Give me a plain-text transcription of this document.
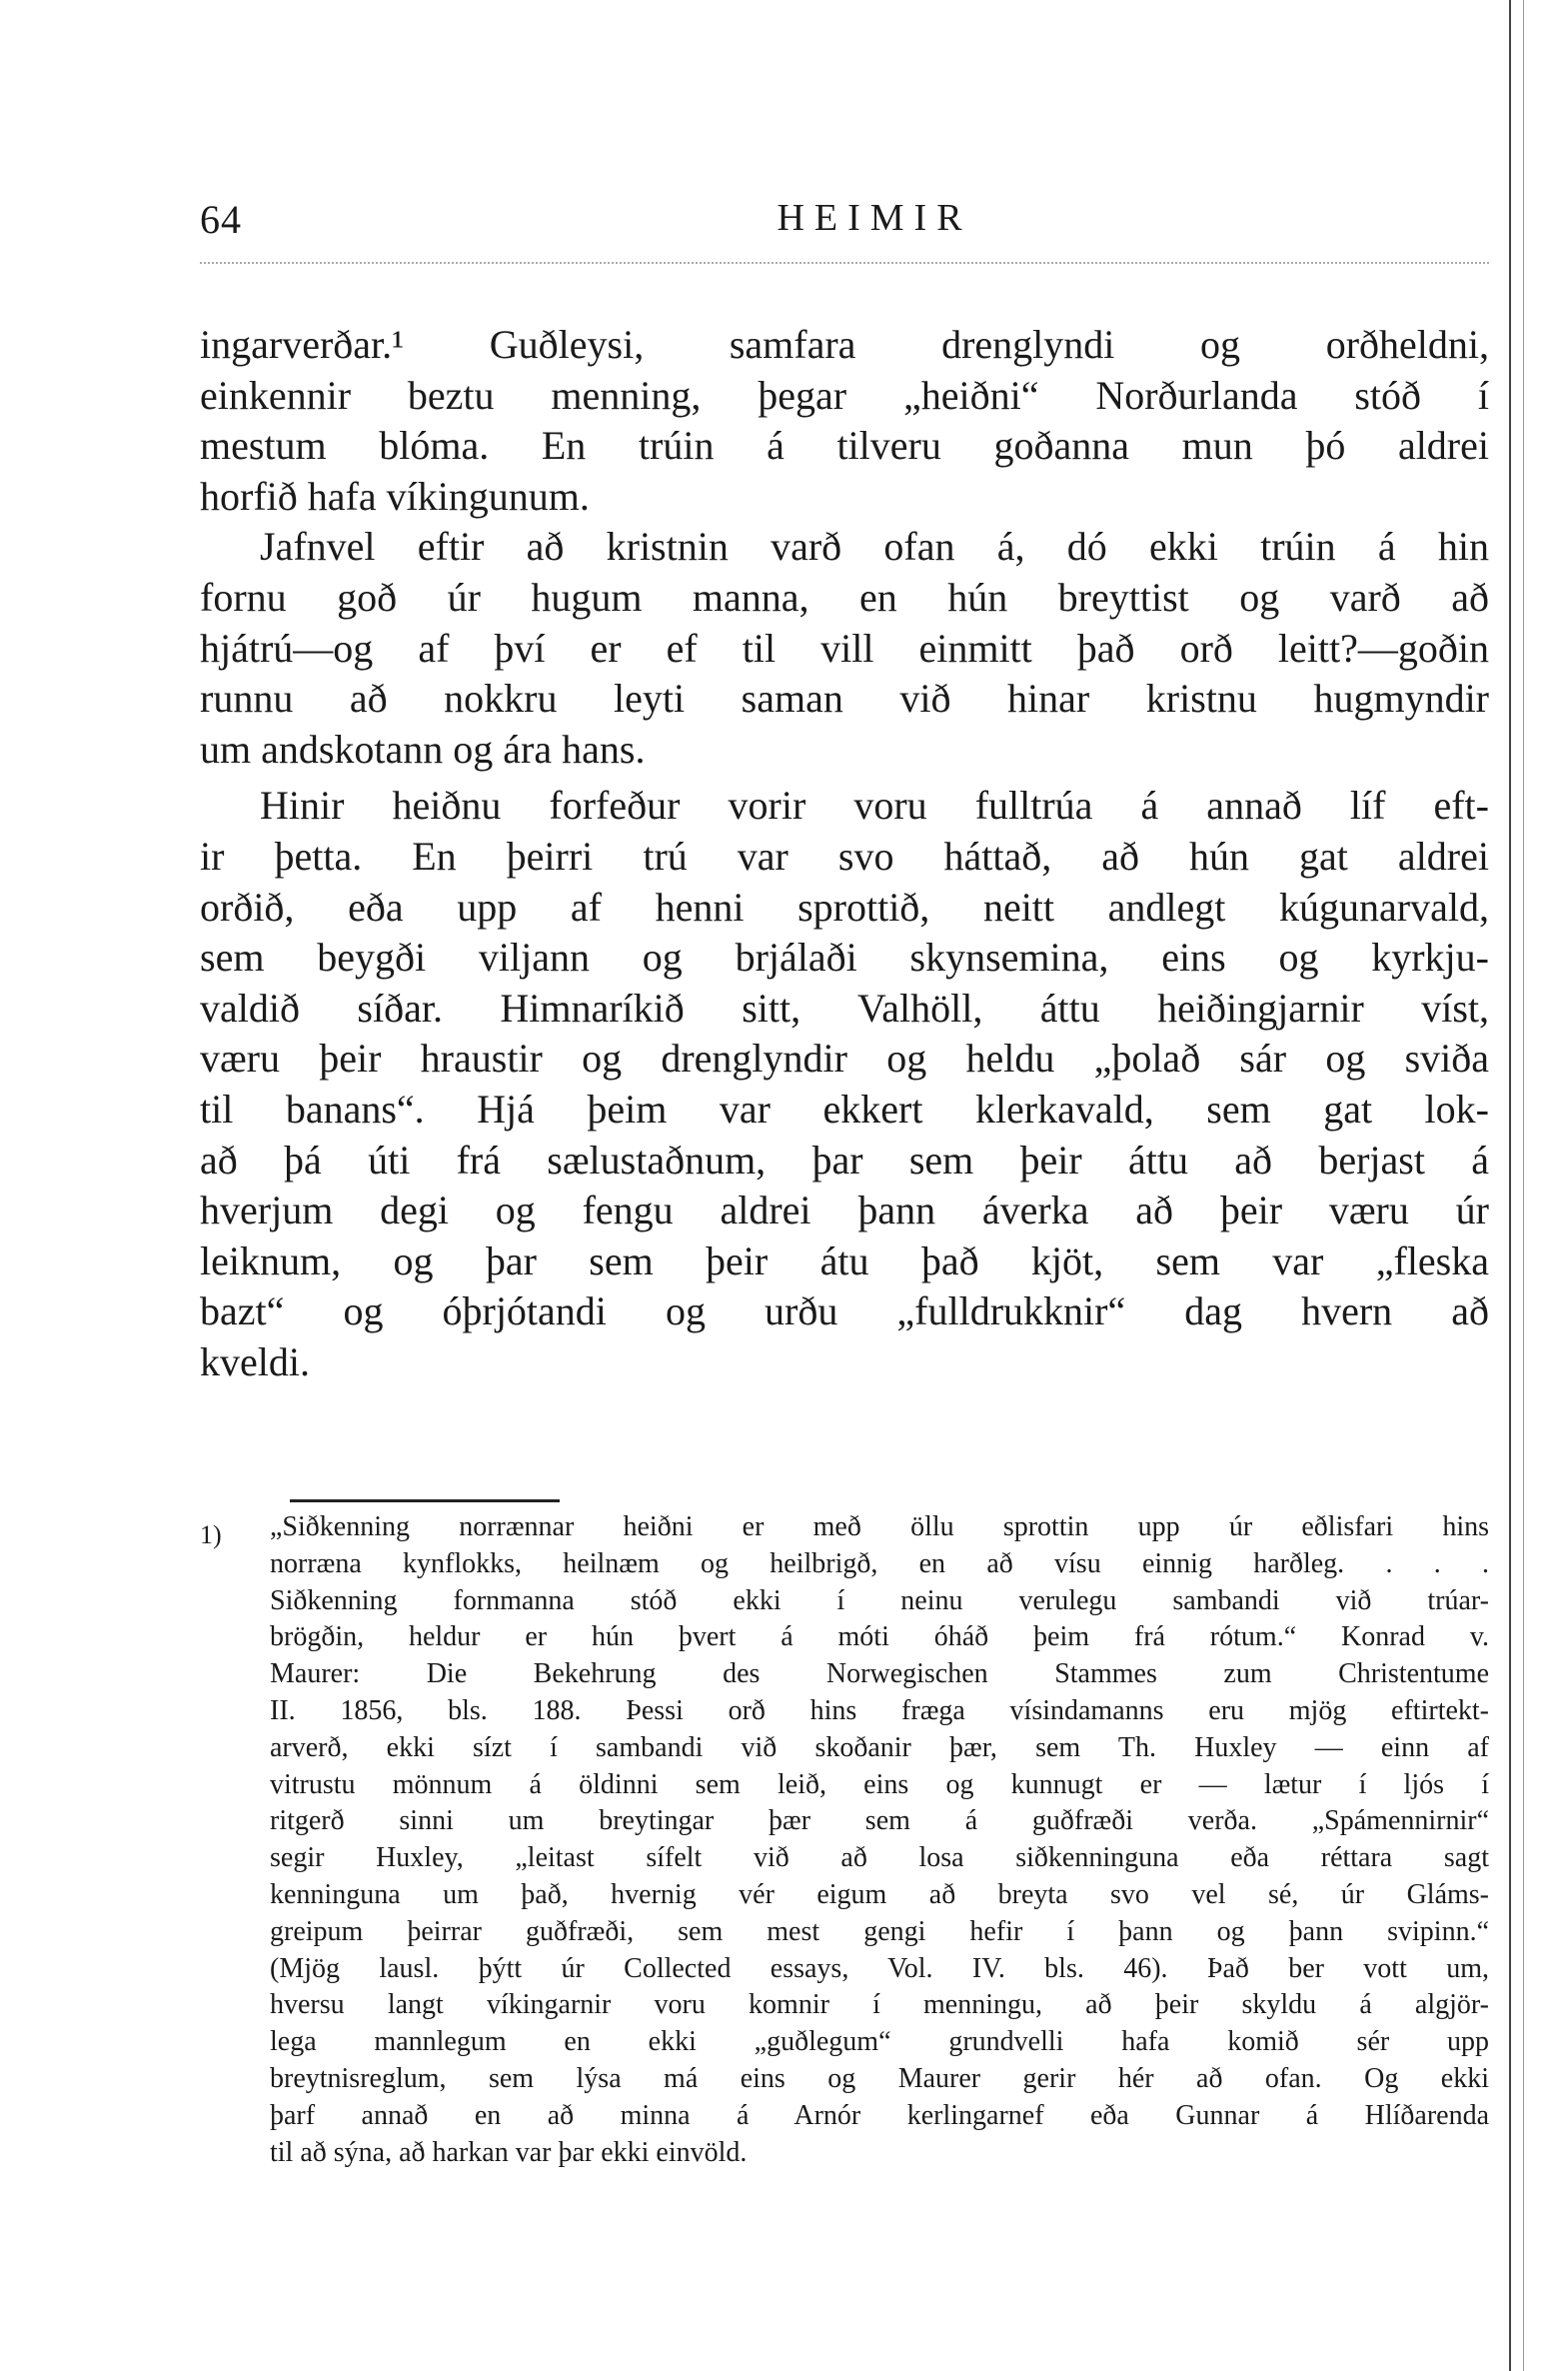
64	HEIMIR

ingarverðar.¹ Guðleysi, samfara drenglyndi og orðheldni,
einkennir beztu menning, þegar „heiðni“ Norðurlanda stóð í
mestum blóma. En trúin á tilveru goðanna mun þó aldrei
horfið hafa víkingunum.

Jafnvel eftir að kristnin varð ofan á, dó ekki trúin á hin
fornu goð úr hugum manna, en hún breyttist og varð að
hjátrú—og af því er ef til vill einmitt það orð leitt?—goðin
runnu að nokkru leyti saman við hinar kristnu hugmyndir
um andskotann og ára hans.

Hinir heiðnu forfeður vorir voru fulltrúa á annað líf eft-
ir þetta. En þeirri trú var svo háttað, að hún gat aldrei
orðið, eða upp af henni sprottið, neitt andlegt kúgunarvald,
sem beygði viljann og brjálaði skynsemina, eins og kyrkju-
valdið síðar. Himnaríkið sitt, Valhöll, áttu heiðingjarnir víst,
væru þeir hraustir og drenglyndir og heldu „þolað sár og sviða
til banans“. Hjá þeim var ekkert klerkavald, sem gat lok-
að þá úti frá sælustaðnum, þar sem þeir áttu að berjast á
hverjum degi og fengu aldrei þann áverka að þeir væru úr
leiknum, og þar sem þeir átu það kjöt, sem var „fleska
bazt“ og óþrjótandi og urðu „fulldrukknir“ dag hvern að
kveldi.

1) „Siðkenning norrænnar heiðni er með öllu sprottin upp úr eðlisfari hins
norræna kynflokks, heilnæm og heilbrigð, en að vísu einnig harðleg. . . .
Siðkenning fornmanna stóð ekki í neinu verulegu sambandi við trúar-
brögðin, heldur er hún þvert á móti óháð þeim frá rótum.“ Konrad v.
Maurer: Die Bekehrung des Norwegischen Stammes zum Christentume
II. 1856, bls. 188. Þessi orð hins fræga vísindamanns eru mjög eftirtekt-
arverð, ekki sízt í sambandi við skoðanir þær, sem Th. Huxley — einn af
vitrustu mönnum á öldinni sem leið, eins og kunnugt er — lætur í ljós í
ritgerð sinni um breytingar þær sem á guðfræði verða. „Spámennirnir“
segir Huxley, „leitast sífelt við að losa siðkenninguna eða réttara sagt
kenninguna um það, hvernig vér eigum að breyta svo vel sé, úr Gláms-
greipum þeirrar guðfræði, sem mest gengi hefir í þann og þann svipinn.“
(Mjög lausl. þýtt úr Collected essays, Vol. IV. bls. 46). Það ber vott um,
hversu langt víkingarnir voru komnir í menningu, að þeir skyldu á algjör-
lega mannlegum en ekki „guðlegum“ grundvelli hafa komið sér upp
breytnisreglum, sem lýsa má eins og Maurer gerir hér að ofan. Og ekki
þarf annað en að minna á Arnór kerlingarnef eða Gunnar á Hlíðarenda
til að sýna, að harkan var þar ekki einvöld.
